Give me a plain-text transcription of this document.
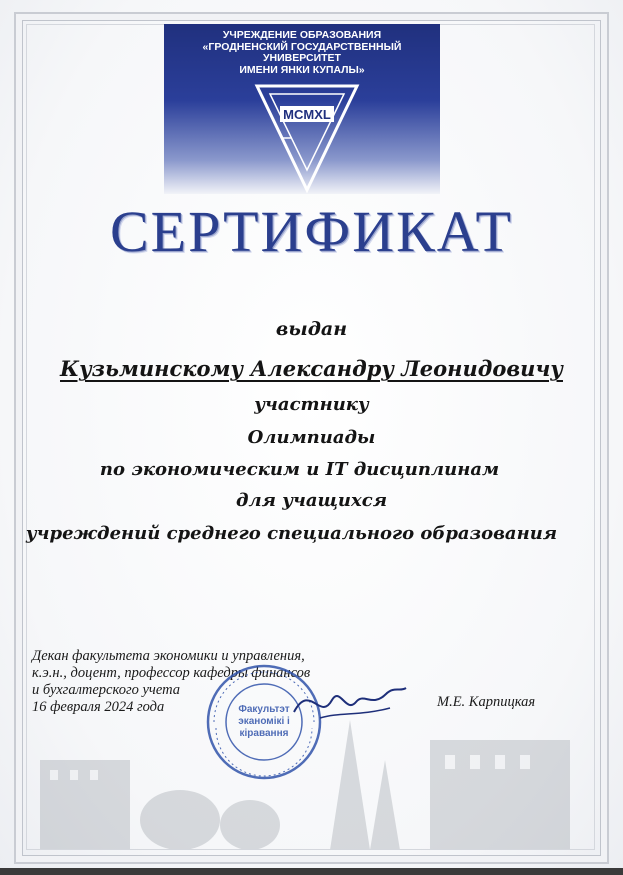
УЧРЕЖДЕНИЕ ОБРАЗОВАНИЯ
«ГРОДНЕНСКИЙ ГОСУДАРСТВЕННЫЙ
УНИВЕРСИТЕТ
ИМЕНИ ЯНКИ КУПАЛЫ»
MCMXL
СЕРТИФИКАТ
выдан
Кузьминскому Александру Леонидовичу
участнику
Олимпиады
по экономическим и IT дисциплинам
для учащихся
учреждений среднего специального образования
Декан факультета экономики и управления,
к.э.н., доцент, профессор кафедры финансов
и бухгалтерского учета
16 февраля 2024 года	Факультэт
эканомікі і
кіравання
М.Е. Карпицкая
